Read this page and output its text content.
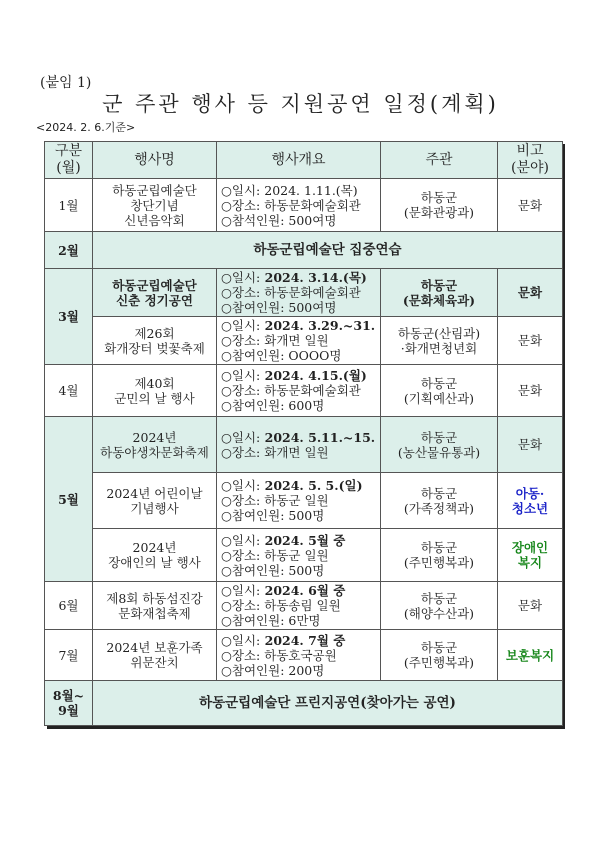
(붙임 1)
군 주관 행사 등 지원공연 일정(계획)
<2024. 2. 6.기준>
구분
(월)	행사명	행사개요	주관	비고
(분야)
1월	하동군립예술단
창단기념
신년음악회	○일시: 2024. 1.11.(목)
○장소: 하동문화예술회관
○참석인원: 500여명	하동군
(문화관광과)	문화
2월	하동군립예술단 집중연습			
3월	하동군립예술단
신춘 정기공연	○일시: 2024. 3.14.(목)
○장소: 하동문화예술회관
○참여인원: 500여명	하동군
(문화체육과)	문화
	제26회
화개장터 벚꽃축제	○일시: 2024. 3.29.~31.
○장소: 화개면 일원
○참여인원: OOOO명	하동군(산림과)
·화개면청년회	문화
4월	제40회
군민의 날 행사	○일시: 2024. 4.15.(월)
○장소: 하동문화예술회관
○참여인원: 600명	하동군
(기획예산과)	문화
5월	2024년
하동야생차문화축제	○일시: 2024. 5.11.~15.
○장소: 화개면 일원	하동군
(농산물유통과)	문화
	2024년 어린이날
기념행사	○일시: 2024. 5. 5.(일)
○장소: 하동군 일원
○참여인원: 500명	하동군
(가족정책과)	아동·
청소년
	2024년
장애인의 날 행사	○일시: 2024. 5월 중
○장소: 하동군 일원
○참여인원: 500명	하동군
(주민행복과)	장애인
복지
6월	제8회 하동섬진강
문화재첩축제	○일시: 2024. 6월 중
○장소: 하동송림 일원
○참여인원: 6만명	하동군
(해양수산과)	문화
7월	2024년 보훈가족
위문잔치	○일시: 2024. 7월 중
○장소: 하동호국공원
○참여인원: 200명	하동군
(주민행복과)	보훈복지
8월~
9월	하동군립예술단 프린지공연(찾아가는 공연)			
